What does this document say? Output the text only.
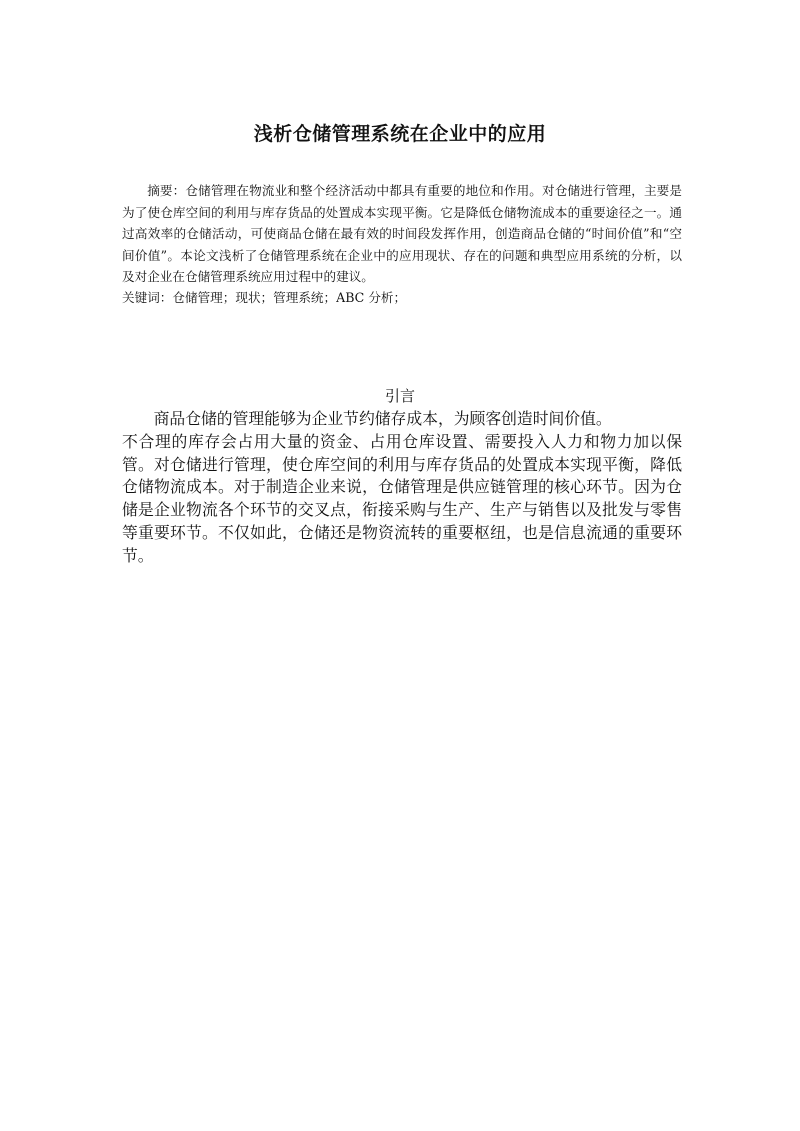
浅析仓储管理系统在企业中的应用

摘要：仓储管理在物流业和整个经济活动中都具有重要的地位和作用。对仓储进行管理，主要是为了使仓库空间的利用与库存货品的处置成本实现平衡。它是降低仓储物流成本的重要途径之一。通过高效率的仓储活动，可使商品仓储在最有效的时间段发挥作用，创造商品仓储的“时间价值”和“空间价值”。本论文浅析了仓储管理系统在企业中的应用现状、存在的问题和典型应用系统的分析，以及对企业在仓储管理系统应用过程中的建议。

关键词：仓储管理；现状；管理系统；ABC 分析；

引言
商品仓储的管理能够为企业节约储存成本，为顾客创造时间价值。
不合理的库存会占用大量的资金、占用仓库设置、需要投入人力和物力加以保管。对仓储进行管理，使仓库空间的利用与库存货品的处置成本实现平衡，降低仓储物流成本。对于制造企业来说，仓储管理是供应链管理的核心环节。因为仓储是企业物流各个环节的交叉点，衔接采购与生产、生产与销售以及批发与零售等重要环节。不仅如此，仓储还是物资流转的重要枢纽，也是信息流通的重要环节。
